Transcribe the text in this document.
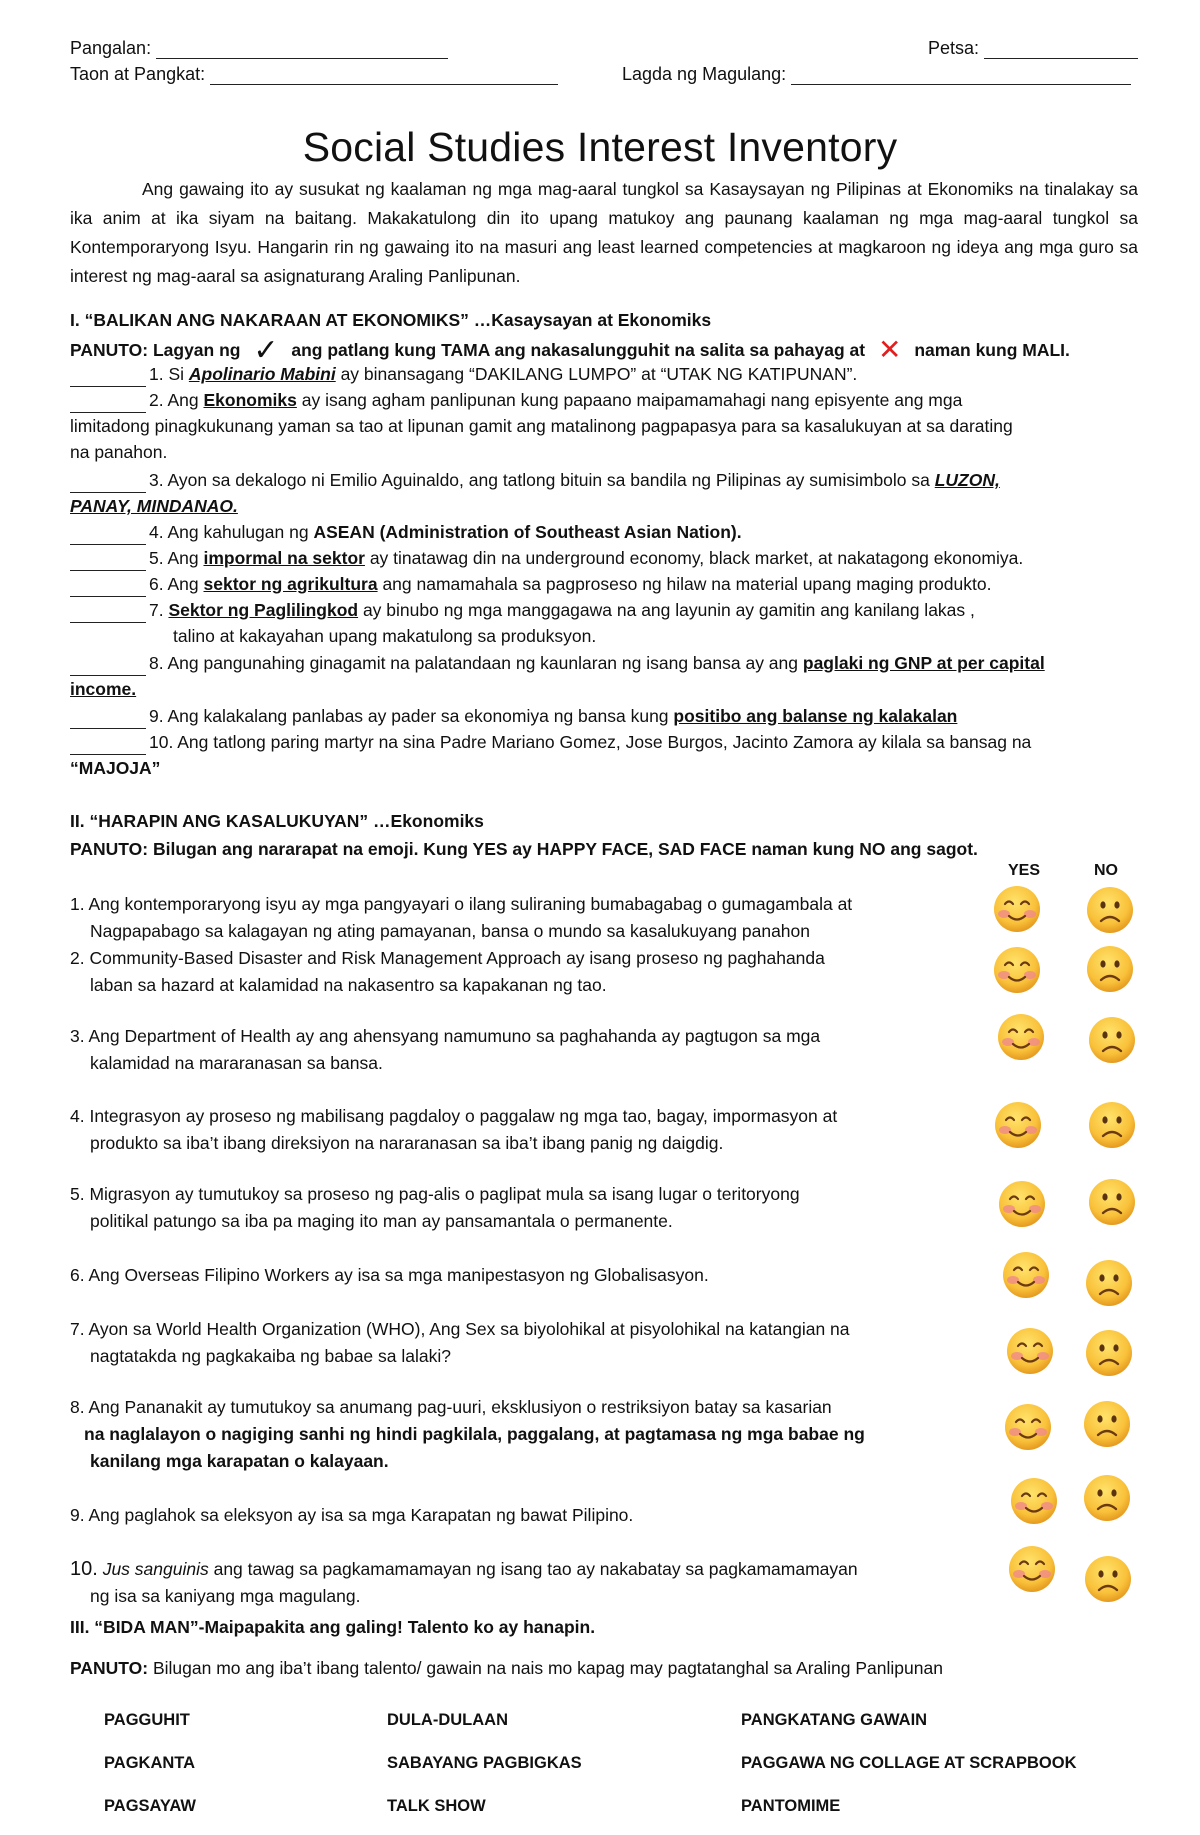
Pangalan:	Petsa:
Taon at Pangkat:	Lagda ng Magulang:
Social Studies Interest Inventory
Ang gawaing ito ay susukat ng kaalaman ng mga mag-aaral tungkol sa Kasaysayan ng Pilipinas at Ekonomiks na tinalakay sa ika anim at ika siyam na baitang. Makakatulong din ito upang matukoy ang paunang kaalaman ng mga mag-aaral tungkol sa Kontemporaryong Isyu. Hangarin rin ng gawaing ito na masuri ang least learned competencies at magkaroon ng ideya ang mga guro sa interest ng mag-aaral sa asignaturang Araling Panlipunan.
I. “BALIKAN ANG NAKARAAN AT EKONOMIKS” …Kasaysayan at Ekonomiks
PANUTO: Lagyan ng ✓ ang patlang kung TAMA ang nakasalungguhit na salita sa pahayag at ✕ naman kung MALI.
1. Si Apolinario Mabini ay binansagang “DAKILANG LUMPO” at “UTAK NG KATIPUNAN”.
2. Ang Ekonomiks ay isang agham panlipunan kung papaano maipamamahagi nang episyente ang mga
limitadong pinagkukunang yaman sa tao at lipunan gamit ang matalinong pagpapasya para sa kasalukuyan at sa darating
na panahon.
3. Ayon sa dekalogo ni Emilio Aguinaldo, ang tatlong bituin sa bandila ng Pilipinas ay sumisimbolo sa LUZON,
PANAY, MINDANAO.
4. Ang kahulugan ng ASEAN (Administration of Southeast Asian Nation).
5. Ang impormal na sektor ay tinatawag din na underground economy, black market, at nakatagong ekonomiya.
6. Ang sektor ng agrikultura ang namamahala sa pagproseso ng hilaw na material upang maging produkto.
7. Sektor ng Paglilingkod ay binubo ng mga manggagawa na ang layunin ay gamitin ang kanilang lakas ,
talino at kakayahan upang makatulong sa produksyon.
8. Ang pangunahing ginagamit na palatandaan ng kaunlaran ng isang bansa ay ang paglaki ng GNP at per capital
income.
9. Ang kalakalang panlabas ay pader sa ekonomiya ng bansa kung positibo ang balanse ng kalakalan
10. Ang tatlong paring martyr na sina Padre Mariano Gomez, Jose Burgos, Jacinto Zamora ay kilala sa bansag na
“MAJOJA”
II. “HARAPIN ANG KASALUKUYAN” …Ekonomiks
PANUTO: Bilugan ang nararapat na emoji. Kung YES ay HAPPY FACE, SAD FACE naman kung NO ang sagot.
YES	NO
1. Ang kontemporaryong isyu ay mga pangyayari o ilang suliraning bumabagabag o gumagambala at
Nagpapabago sa kalagayan ng ating pamayanan, bansa o mundo sa kasalukuyang panahon
2. Community-Based Disaster and Risk Management Approach ay isang proseso ng paghahanda
laban sa hazard at kalamidad na nakasentro sa kapakanan ng tao.
3. Ang Department of Health ay ang ahensyang namumuno sa paghahanda ay pagtugon sa mga
kalamidad na mararanasan sa bansa.
4. Integrasyon ay proseso ng mabilisang pagdaloy o paggalaw ng mga tao, bagay, impormasyon at
produkto sa iba’t ibang direksiyon na nararanasan sa iba’t ibang panig ng daigdig.
5. Migrasyon ay tumutukoy sa proseso ng pag-alis o paglipat mula sa isang lugar o teritoryong
politikal patungo sa iba pa maging ito man ay pansamantala o permanente.
6. Ang Overseas Filipino Workers ay isa sa mga manipestasyon ng Globalisasyon.
7. Ayon sa World Health Organization (WHO), Ang Sex sa biyolohikal at pisyolohikal na katangian na
nagtatakda ng pagkakaiba ng babae sa lalaki?
8. Ang Pananakit ay tumutukoy sa anumang pag-uuri, eksklusiyon o restriksiyon batay sa kasarian
na naglalayon o nagiging sanhi ng hindi pagkilala, paggalang, at pagtamasa ng mga babae ng
kanilang mga karapatan o kalayaan.
9. Ang paglahok sa eleksyon ay isa sa mga Karapatan ng bawat Pilipino.
10. Jus sanguinis ang tawag sa pagkamamamayan ng isang tao ay nakabatay sa pagkamamamayan
ng isa sa kaniyang mga magulang.
III. “BIDA MAN”-Maipapakita ang galing! Talento ko ay hanapin.
PANUTO: Bilugan mo ang iba’t ibang talento/ gawain na nais mo kapag may pagtatanghal sa Araling Panlipunan
PAGGUHIT	DULA-DULAAN	PANGKATANG GAWAIN
PAGKANTA	SABAYANG PAGBIGKAS	PAGGAWA NG COLLAGE AT SCRAPBOOK
PAGSAYAW	TALK SHOW	PANTOMIME
